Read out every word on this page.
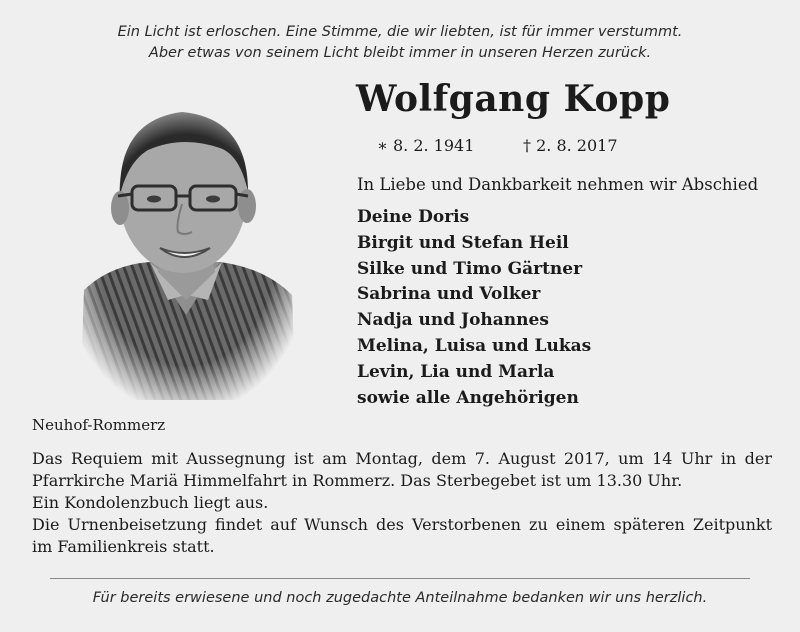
Ein Licht ist erloschen. Eine Stimme, die wir liebten, ist für immer verstummt.
Aber etwas von seinem Licht bleibt immer in unseren Herzen zurück.
Wolfgang Kopp
∗ 8. 2. 1941	† 2. 8. 2017
In Liebe und Dankbarkeit nehmen wir Abschied
Deine Doris
Birgit und Stefan Heil
Silke und Timo Gärtner
Sabrina und Volker
Nadja und Johannes
Melina, Luisa und Lukas
Levin, Lia und Marla
sowie alle Angehörigen
Neuhof-Rommerz
Das Requiem mit Aussegnung ist am Montag, dem 7. August 2017, um 14 Uhr in der
Pfarrkirche Mariä Himmelfahrt in Rommerz. Das Sterbegebet ist um 13.30 Uhr.
Ein Kondolenzbuch liegt aus.
Die Urnenbeisetzung findet auf Wunsch des Verstorbenen zu einem späteren Zeitpunkt
im Familienkreis statt.
Für bereits erwiesene und noch zugedachte Anteilnahme bedanken wir uns herzlich.
